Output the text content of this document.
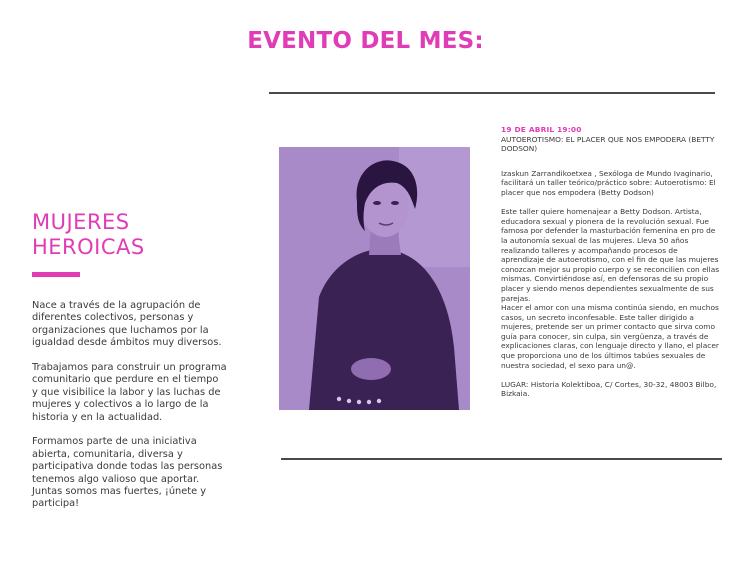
EVENTO DEL MES:
MUJERES
HEROICAS

Nace a través de la agrupación de diferentes colectivos, personas y organizaciones que luchamos por la igualdad desde ámbitos muy diversos.

Trabajamos para construir un programa comunitario que perdure en el tiempo y que visibilice la labor y las luchas de mujeres y colectivos a lo largo de la historia y en la actualidad.

Formamos parte de una iniciativa abierta, comunitaria, diversa y participativa donde todas las personas tenemos algo valioso que aportar. Juntas somos mas fuertes, ¡únete y participa!

19 DE ABRIL 19:00
AUTOEROTISMO: EL PLACER QUE NOS EMPODERA (BETTY DODSON)

Izaskun Zarrandikoetxea , Sexóloga de Mundo Ivaginario, facilitará un taller teórico/práctico sobre: Autoerotismo: El placer que nos empodera (Betty Dodson)

Este taller quiere homenajear a Betty Dodson. Artista, educadora sexual y pionera de la revolución sexual. Fue famosa por defender la masturbación femenina en pro de la autonomía sexual de las mujeres. Lleva 50 años realizando talleres y acompañando procesos de aprendizaje de autoerotismo, con el fin de que las mujeres conozcan mejor su propio cuerpo y se reconcilien con ellas mismas. Convirtiéndose así, en defensoras de su propio placer y siendo menos dependientes sexualmente de sus parejas.

Hacer el amor con una misma continúa siendo, en muchos casos, un secreto inconfesable. Este taller dirigido a mujeres, pretende ser un primer contacto que sirva como guía para conocer, sin culpa, sin vergüenza, a través de explicaciones claras, con lenguaje directo y llano, el placer que proporciona uno de los últimos tabúes sexuales de nuestra sociedad, el sexo para un@.

LUGAR: Historia Kolektiboa, C/ Cortes, 30-32, 48003 Bilbo, Bizkaia.
